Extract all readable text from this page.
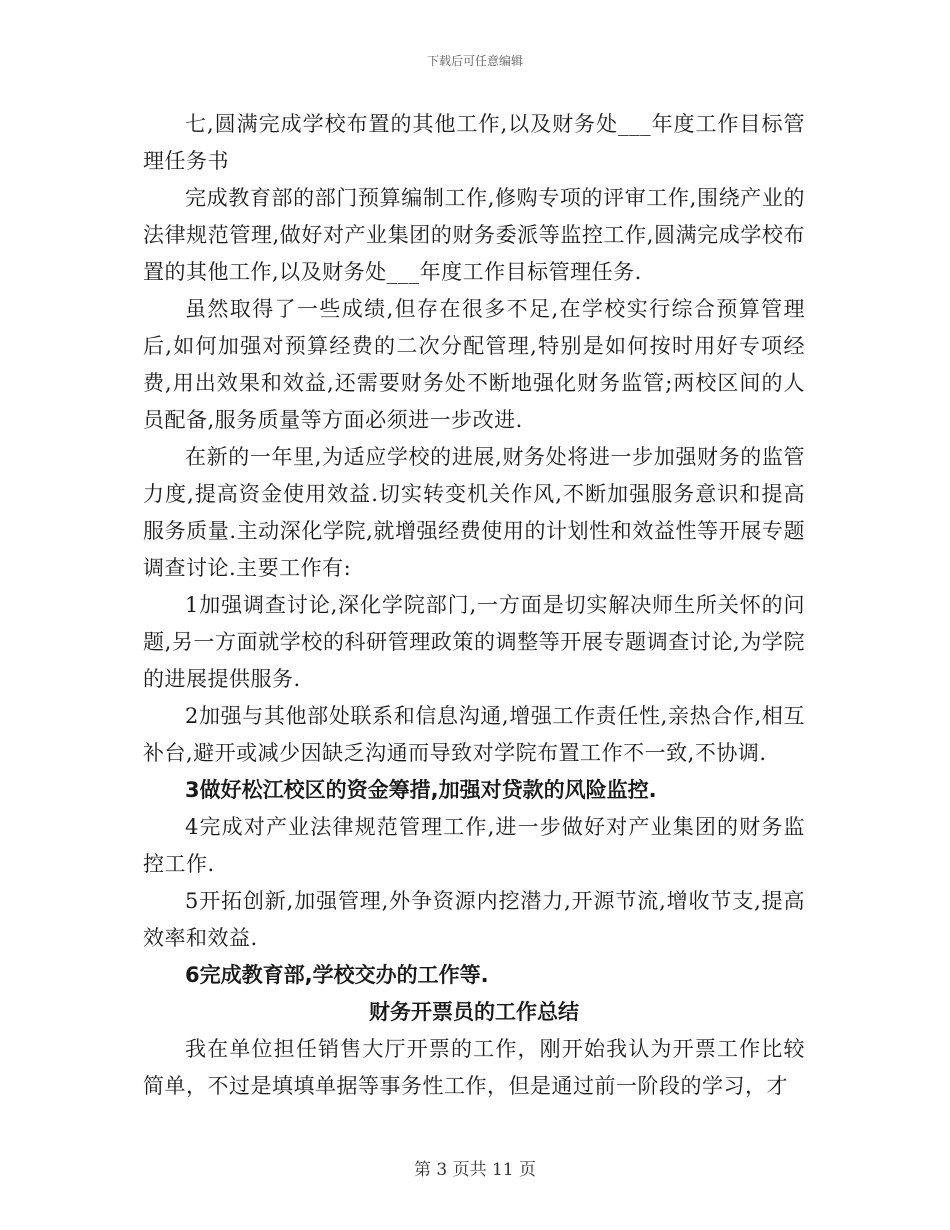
下载后可任意编辑

七,圆满完成学校布置的其他工作,以及财务处___年度工作目标管理任务书

完成教育部的部门预算编制工作,修购专项的评审工作,围绕产业的法律规范管理,做好对产业集团的财务委派等监控工作,圆满完成学校布置的其他工作,以及财务处___年度工作目标管理任务.

虽然取得了一些成绩,但存在很多不足,在学校实行综合预算管理后,如何加强对预算经费的二次分配管理,特别是如何按时用好专项经费,用出效果和效益,还需要财务处不断地强化财务监管;两校区间的人员配备,服务质量等方面必须进一步改进.

在新的一年里,为适应学校的进展,财务处将进一步加强财务的监管力度,提高资金使用效益.切实转变机关作风,不断加强服务意识和提高服务质量.主动深化学院,就增强经费使用的计划性和效益性等开展专题调查讨论.主要工作有:

1加强调查讨论,深化学院部门,一方面是切实解决师生所关怀的问题,另一方面就学校的科研管理政策的调整等开展专题调查讨论,为学院的进展提供服务.

2加强与其他部处联系和信息沟通,增强工作责任性,亲热合作,相互补台,避开或减少因缺乏沟通而导致对学院布置工作不一致,不协调.

3做好松江校区的资金筹措,加强对贷款的风险监控.

4完成对产业法律规范管理工作,进一步做好对产业集团的财务监控工作.

5开拓创新,加强管理,外争资源内挖潜力,开源节流,增收节支,提高效率和效益.

6完成教育部,学校交办的工作等.

财务开票员的工作总结

我在单位担任销售大厅开票的工作，刚开始我认为开票工作比较简单，不过是填填单据等事务性工作，但是通过前一阶段的学习，才

第 3 页共 11 页
